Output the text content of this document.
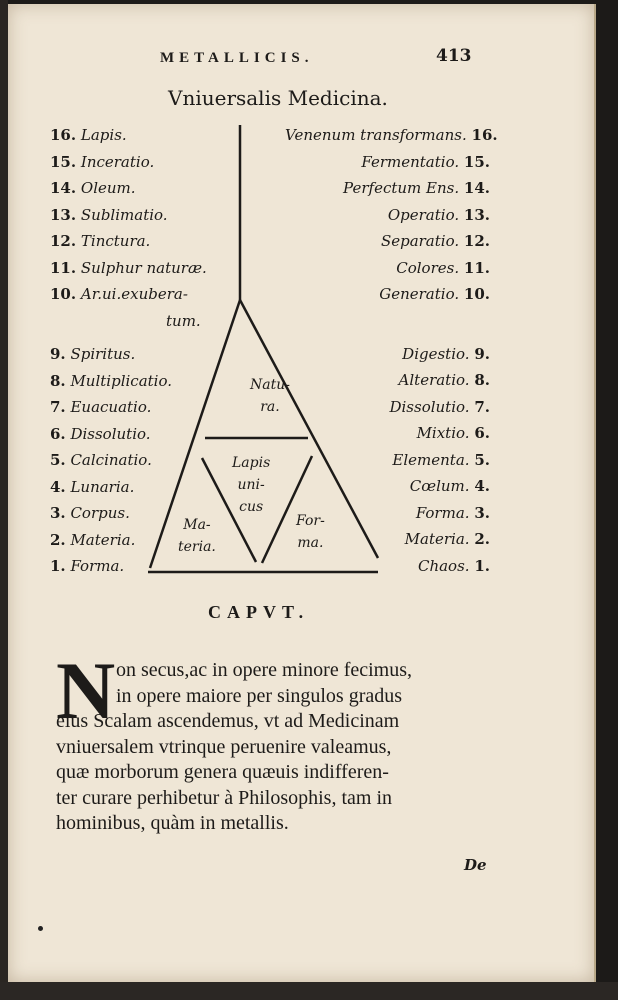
METALLICIS.	413
Vniuersalis Medicina.
Natu-
ra.
Lapis
uni-
cus
Ma-
teria.
For-
ma.
16. Lapis.
15. Inceratio.
14. Oleum.
13. Sublimatio.
12. Tinctura.
11. Sulphur naturæ.
10. Ar.ui.exubera-
tum.
9. Spiritus.
8. Multiplicatio.
7. Euacuatio.
6. Dissolutio.
5. Calcinatio.
4. Lunaria.
3. Corpus.
2. Materia.
1. Forma.
Venenum transformans. 16.
Fermentatio. 15.
Perfectum Ens. 14.
Operatio. 13.
Separatio. 12.
Colores. 11.
Generatio. 10.
Digestio. 9.
Alteratio. 8.
Dissolutio. 7.
Mixtio. 6.
Elementa. 5.
Cœlum. 4.
Forma. 3.
Materia. 2.
Chaos. 1.
CAPVT.
N on secus,ac in opere minore fecimus,
in opere maiore per singulos gradus
eius Scalam ascendemus, vt ad Medicinam
vniuersalem vtrinque peruenire valeamus,
quæ morborum genera quæuis indifferen-
ter curare perhibetur à Philosophis, tam in
hominibus, quàm in metallis.
De
